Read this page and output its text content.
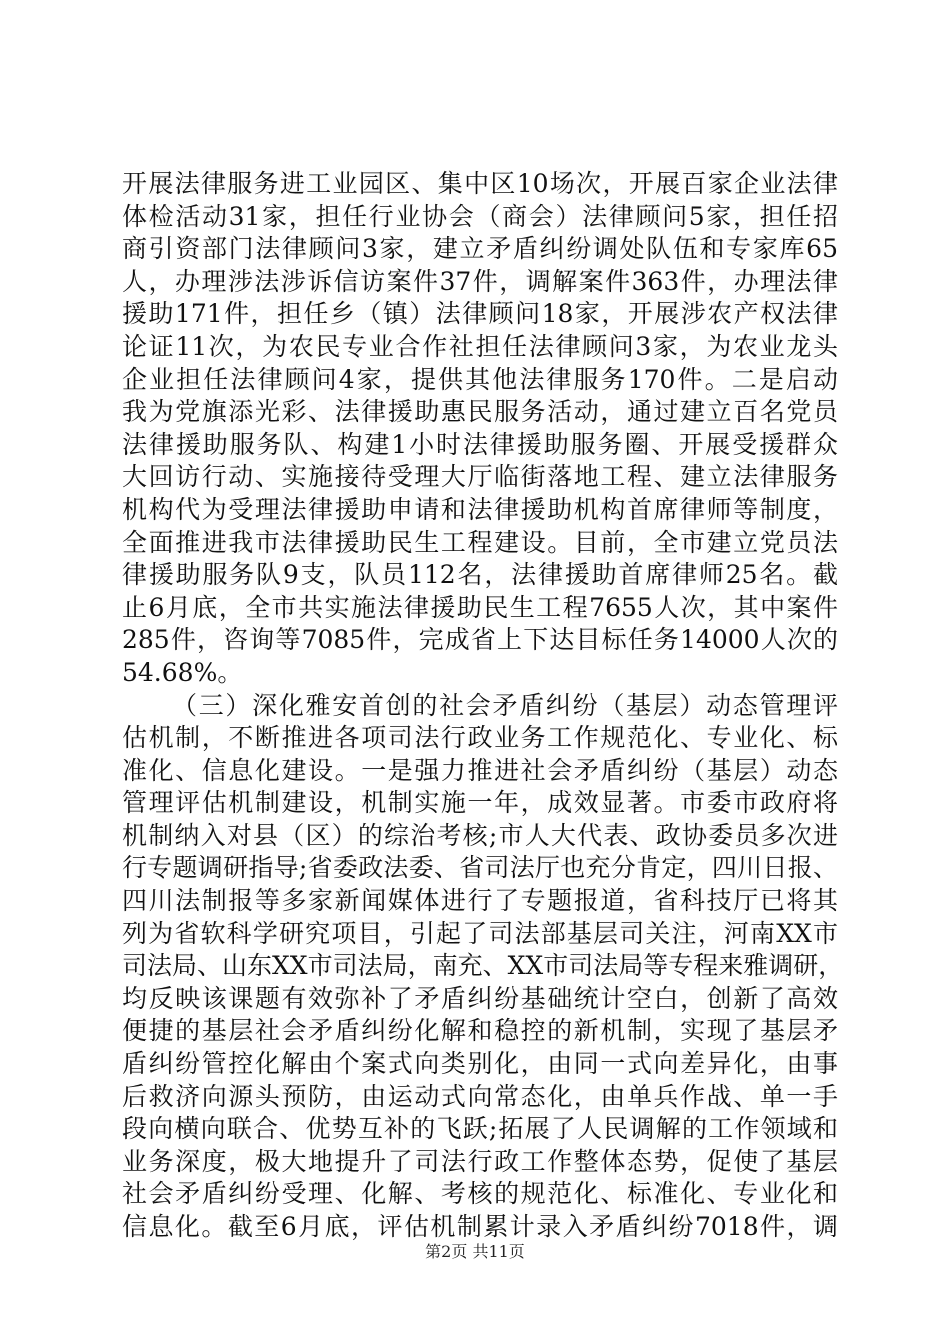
开展法律服务进工业园区、集中区10场次，开展百家企业法律
体检活动31家，担任行业协会（商会）法律顾问5家，担任招
商引资部门法律顾问3家，建立矛盾纠纷调处队伍和专家库65
人，办理涉法涉诉信访案件37件，调解案件363件，办理法律
援助171件，担任乡（镇）法律顾问18家，开展涉农产权法律
论证11次，为农民专业合作社担任法律顾问3家，为农业龙头
企业担任法律顾问4家，提供其他法律服务170件。二是启动
我为党旗添光彩、法律援助惠民服务活动，通过建立百名党员
法律援助服务队、构建1小时法律援助服务圈、开展受援群众
大回访行动、实施接待受理大厅临街落地工程、建立法律服务
机构代为受理法律援助申请和法律援助机构首席律师等制度，
全面推进我市法律援助民生工程建设。目前，全市建立党员法
律援助服务队9支，队员112名，法律援助首席律师25名。截
止6月底，全市共实施法律援助民生工程7655人次，其中案件
285件，咨询等7085件，完成省上下达目标任务14000人次的
54.68%。
（三）深化雅安首创的社会矛盾纠纷（基层）动态管理评
估机制，不断推进各项司法行政业务工作规范化、专业化、标
准化、信息化建设。一是强力推进社会矛盾纠纷（基层）动态
管理评估机制建设，机制实施一年，成效显著。市委市政府将
机制纳入对县（区）的综治考核;市人大代表、政协委员多次进
行专题调研指导;省委政法委、省司法厅也充分肯定，四川日报、
四川法制报等多家新闻媒体进行了专题报道，省科技厅已将其
列为省软科学研究项目，引起了司法部基层司关注，河南XX市
司法局、山东XX市司法局，南充、XX市司法局等专程来雅调研，
均反映该课题有效弥补了矛盾纠纷基础统计空白，创新了高效
便捷的基层社会矛盾纠纷化解和稳控的新机制，实现了基层矛
盾纠纷管控化解由个案式向类别化，由同一式向差异化，由事
后救济向源头预防，由运动式向常态化，由单兵作战、单一手
段向横向联合、优势互补的飞跃;拓展了人民调解的工作领域和
业务深度，极大地提升了司法行政工作整体态势，促使了基层
社会矛盾纠纷受理、化解、考核的规范化、标准化、专业化和
信息化。截至6月底，评估机制累计录入矛盾纠纷7018件，调
第2页 共11页
